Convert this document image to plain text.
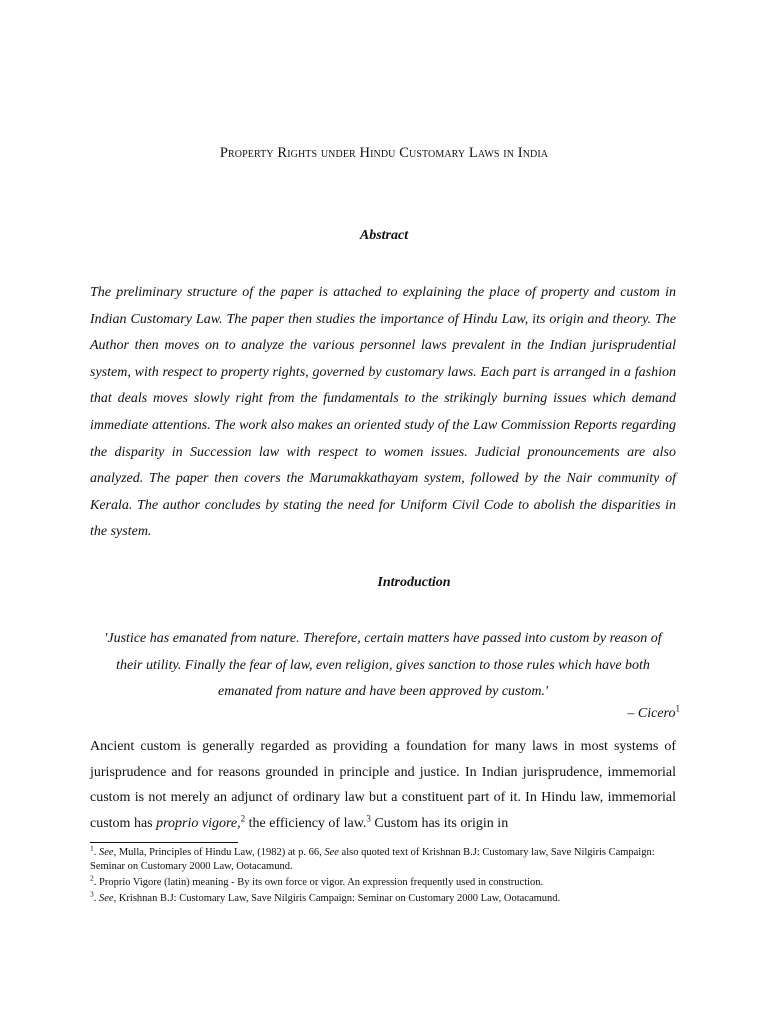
Property Rights under Hindu Customary Laws in India
Abstract

The preliminary structure of the paper is attached to explaining the place of property and custom in Indian Customary Law. The paper then studies the importance of Hindu Law, its origin and theory. The Author then moves on to analyze the various personnel laws prevalent in the Indian jurisprudential system, with respect to property rights, governed by customary laws. Each part is arranged in a fashion that deals moves slowly right from the fundamentals to the strikingly burning issues which demand immediate attentions. The work also makes an oriented study of the Law Commission Reports regarding the disparity in Succession law with respect to women issues. Judicial pronouncements are also analyzed. The paper then covers the Marumakkathayam system, followed by the Nair community of Kerala. The author concludes by stating the need for Uniform Civil Code to abolish the disparities in the system.

Introduction

'Justice has emanated from nature. Therefore, certain matters have passed into custom by reason of their utility. Finally the fear of law, even religion, gives sanction to those rules which have both emanated from nature and have been approved by custom.'

– Cicero$^1$

Ancient custom is generally regarded as providing a foundation for many laws in most systems of jurisprudence and for reasons grounded in principle and justice. In Indian jurisprudence, immemorial custom is not merely an adjunct of ordinary law but a constituent part of it. In Hindu law, immemorial custom has proprio vigore,$^2$ the efficiency of law.$^3$ Custom has its origin in

$^1$. See, Mulla, Principles of Hindu Law, (1982) at p. 66, See also quoted text of Krishnan B.J: Customary law, Save Nilgiris Campaign: Seminar on Customary 2000 Law, Ootacamund.

$^2$. Proprio Vigore (latin) meaning - By its own force or vigor. An expression frequently used in construction.

$^3$. See, Krishnan B.J: Customary Law, Save Nilgiris Campaign: Seminar on Customary 2000 Law, Ootacamund.
